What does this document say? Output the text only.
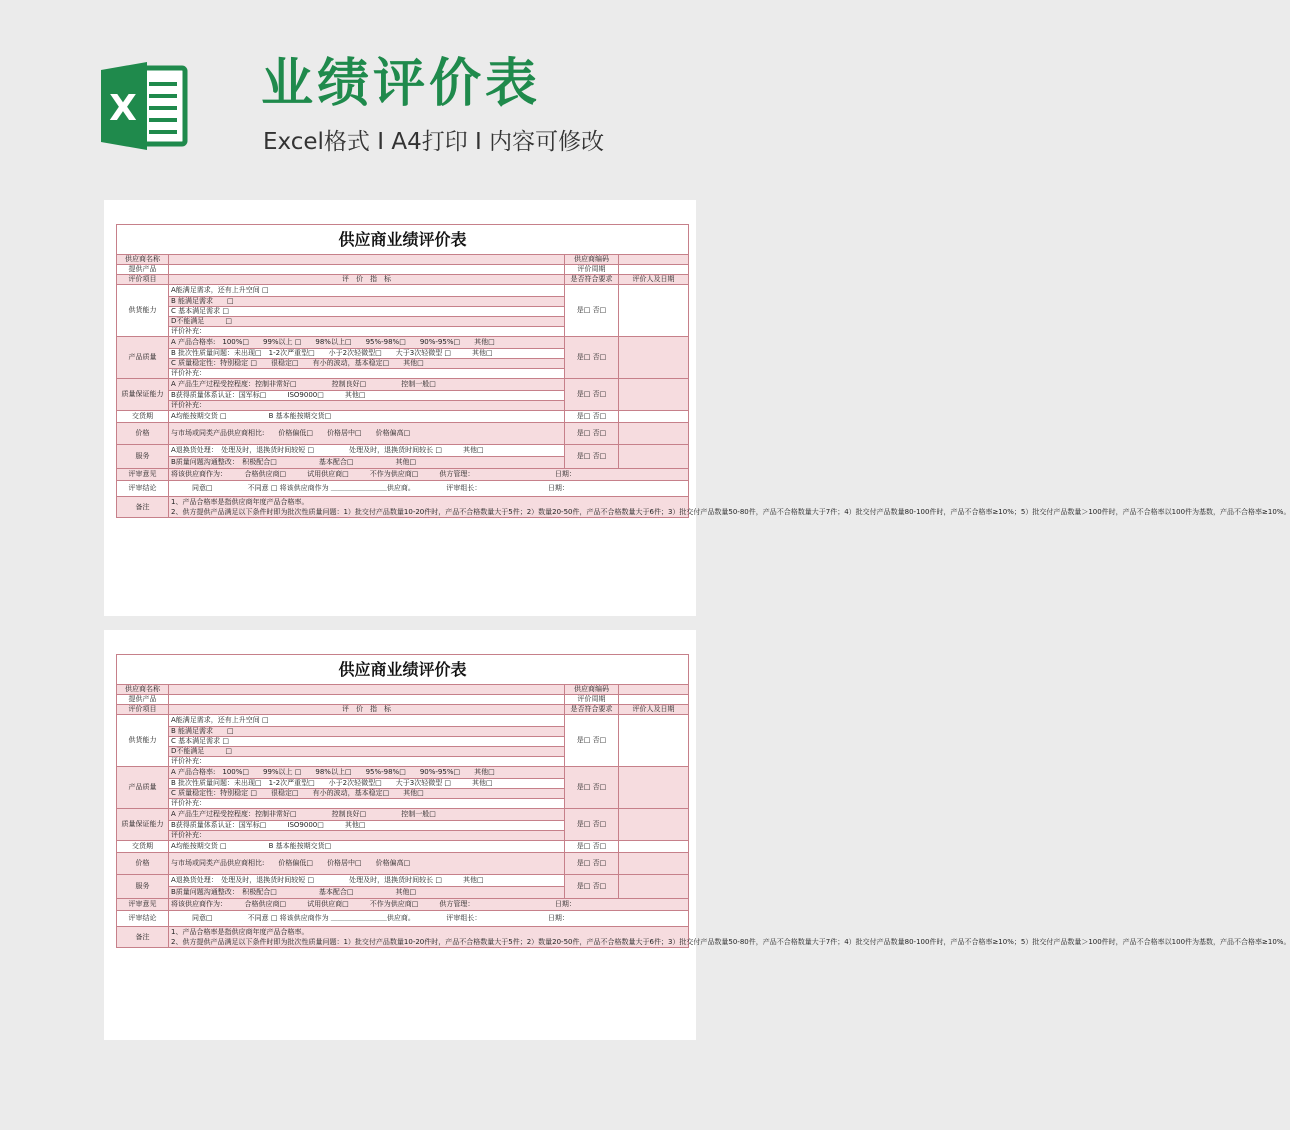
X 业绩评价表
Excel格式 I A4打印 I 内容可修改
供应商业绩评价表			
供应商名称		供应商编码	
提供产品		评价周期	
评价项目	评　价　指　标	是否符合要求	评价人及日期
供货能力	A能满足需求，还有上升空间 □	是□ 否□	
	B 能满足需求　　□		
	C 基本满足需求 □		
	D不能满足　　　□		
	评价补充：		
产品质量	A 产品合格率:　100%□　　99%以上 □　　98%以上□　　95%-98%□　　90%-95%□　　其他□	是□ 否□	
	B 批次性质量问题：未出现□　1-2次严重型□　　小于2次轻微型□　　大于3次轻微型 □　　　其他□		
	C 质量稳定性：特别稳定 □　　很稳定□　　有小的波动，基本稳定□　　其他□		
	评价补充：		
质量保证能力	A 产品生产过程受控程度：控制非常好□　　　　　控制良好□　　　　　控制一般□	是□ 否□	
	B获得质量体系认证：国军标□　　　ISO9000□　　　其他□		
	评价补充：		
交货期	A均能按期交货 □　　　　　　B 基本能按期交货□	是□ 否□	
价格	与市场或同类产品供应商相比:　　价格偏低□　　价格居中□　　价格偏高□	是□ 否□	
服务	A退换货处理：　处理及时，退换货时间较短 □　　　　　处理及时，退换货时间较长 □　　　其他□	是□ 否□	
	B质量问题沟通整改：　积极配合□　　　　　　基本配合□　　　　　　其他□		
评审意见	将该供应商作为：　　　合格供应商□　　　试用供应商□　　　不作为供应商□　　　供方管理：　　　　　　　　　　　　日期：		
评审结论	　　　同意□　　　　　不同意 □ 将该供应商作为 ＿＿＿＿＿＿＿＿供应商。　　　　　评审组长：　　　　　　　　　　日期：		
备注	1、产品合格率是指供应商年度产品合格率。
2、供方提供产品满足以下条件时即为批次性质量问题：1）批交付产品数量10-20件时，产品不合格数量大于5件；2）数量20-50件，产品不合格数量大于6件；3）批交付产品数量50-80件，产品不合格数量大于7件；4）批交付产品数量80-100件时，产品不合格率≥10%；5）批交付产品数量＞100件时，产品不合格率以100件为基数，产品不合格率≥10%。		
供应商业绩评价表			
供应商名称		供应商编码	
提供产品		评价周期	
评价项目	评　价　指　标	是否符合要求	评价人及日期
供货能力	A能满足需求，还有上升空间 □	是□ 否□	
	B 能满足需求　　□		
	C 基本满足需求 □		
	D不能满足　　　□		
	评价补充：		
产品质量	A 产品合格率:　100%□　　99%以上 □　　98%以上□　　95%-98%□　　90%-95%□　　其他□	是□ 否□	
	B 批次性质量问题：未出现□　1-2次严重型□　　小于2次轻微型□　　大于3次轻微型 □　　　其他□		
	C 质量稳定性：特别稳定 □　　很稳定□　　有小的波动，基本稳定□　　其他□		
	评价补充：		
质量保证能力	A 产品生产过程受控程度：控制非常好□　　　　　控制良好□　　　　　控制一般□	是□ 否□	
	B获得质量体系认证：国军标□　　　ISO9000□　　　其他□		
	评价补充：		
交货期	A均能按期交货 □　　　　　　B 基本能按期交货□	是□ 否□	
价格	与市场或同类产品供应商相比:　　价格偏低□　　价格居中□　　价格偏高□	是□ 否□	
服务	A退换货处理：　处理及时，退换货时间较短 □　　　　　处理及时，退换货时间较长 □　　　其他□	是□ 否□	
	B质量问题沟通整改：　积极配合□　　　　　　基本配合□　　　　　　其他□		
评审意见	将该供应商作为：　　　合格供应商□　　　试用供应商□　　　不作为供应商□　　　供方管理：　　　　　　　　　　　　日期：		
评审结论	　　　同意□　　　　　不同意 □ 将该供应商作为 ＿＿＿＿＿＿＿＿供应商。　　　　　评审组长：　　　　　　　　　　日期：		
备注	1、产品合格率是指供应商年度产品合格率。
2、供方提供产品满足以下条件时即为批次性质量问题：1）批交付产品数量10-20件时，产品不合格数量大于5件；2）数量20-50件，产品不合格数量大于6件；3）批交付产品数量50-80件，产品不合格数量大于7件；4）批交付产品数量80-100件时，产品不合格率≥10%；5）批交付产品数量＞100件时，产品不合格率以100件为基数，产品不合格率≥10%。		
